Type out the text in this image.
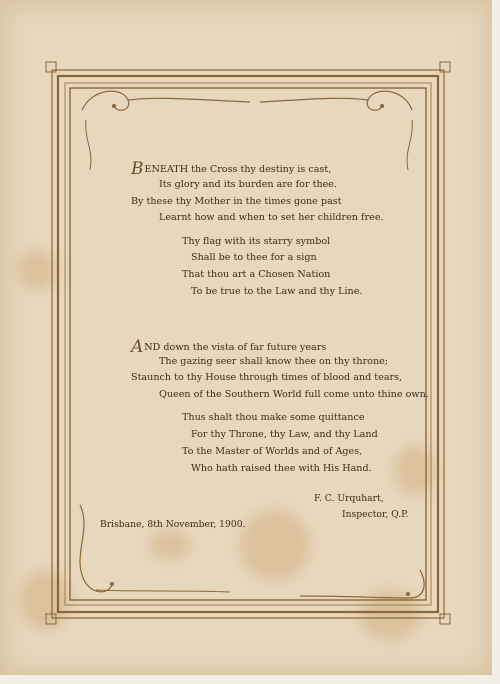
BENEATH the Cross thy destiny is cast,
Its glory and its burden are for thee.
By these thy Mother in the times gone past
Learnt how and when to set her children free.
Thy flag with its starry symbol
Shall be to thee for a sign
That thou art a Chosen Nation
To be true to the Law and thy Line.
AND down the vista of far future years
The gazing seer shall know thee on thy throne;
Staunch to thy House through times of blood and tears,
Queen of the Southern World full come unto thine own.
Thus shalt thou make some quittance
For thy Throne, thy Law, and thy Land
To the Master of Worlds and of Ages,
Who hath raised thee with His Hand.
F. C. Urquhart,
Inspector, Q.P.
Brisbane, 8th November, 1900.
